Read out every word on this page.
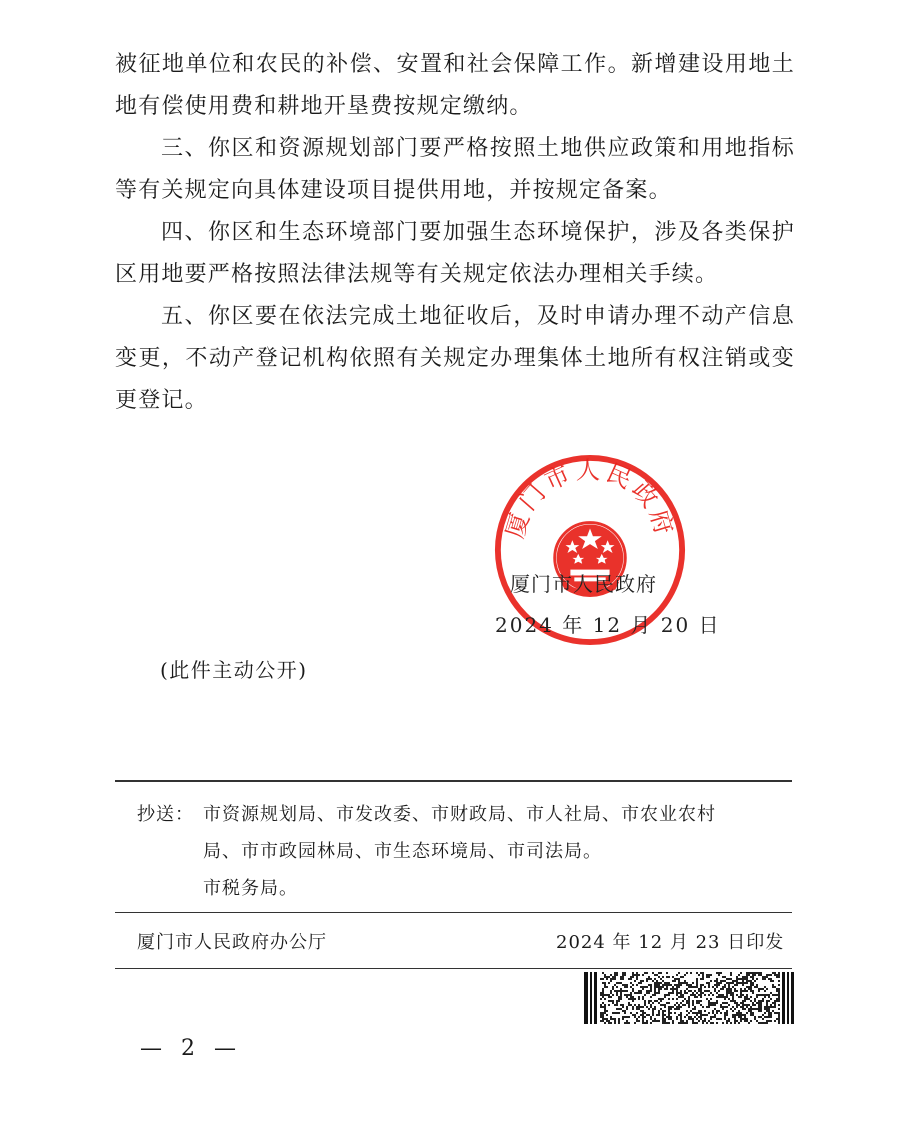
被征地单位和农民的补偿、安置和社会保障工作。新增建设用地土地有偿使用费和耕地开垦费按规定缴纳。

三、你区和资源规划部门要严格按照土地供应政策和用地指标等有关规定向具体建设项目提供用地，并按规定备案。

四、你区和生态环境部门要加强生态环境保护，涉及各类保护区用地要严格按照法律法规等有关规定依法办理相关手续。

五、你区要在依法完成土地征收后，及时申请办理不动产信息变更，不动产登记机构依照有关规定办理集体土地所有权注销或变更登记。

厦门市人民政府
厦门市人民政府
2024 年 12 月 20 日
(此件主动公开)
抄送： 市资源规划局、市发改委、市财政局、市人社局、市农业农村
局、市市政园林局、市生态环境局、市司法局。
市税务局。
厦门市人民政府办公厅	2024 年 12 月 23 日印发
— 2 —
